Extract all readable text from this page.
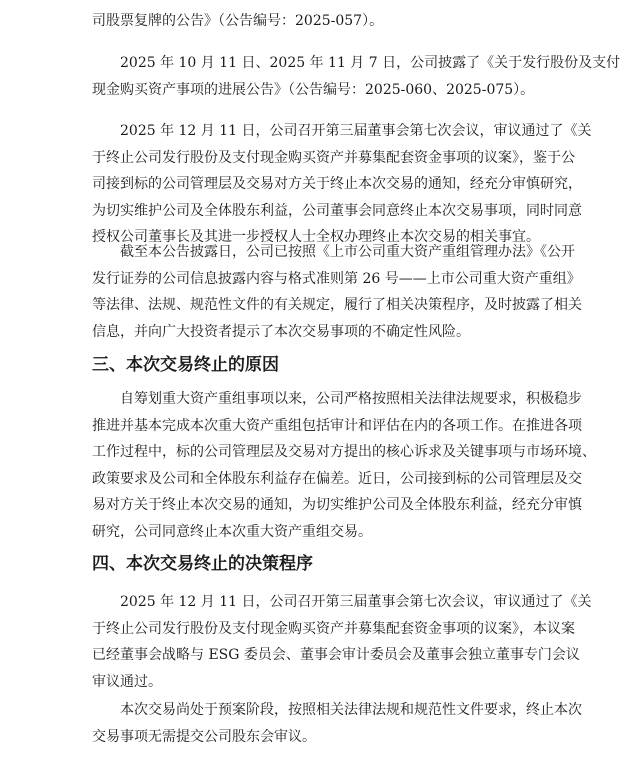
司股票复牌的公告》（公告编号：2025-057）。
2025 年 10 月 11 日、2025 年 11 月 7 日，公司披露了《关于发行股份及支付
现金购买资产事项的进展公告》（公告编号：2025-060、2025-075）。
2025 年 12 月 11 日，公司召开第三届董事会第七次会议，审议通过了《关
于终止公司发行股份及支付现金购买资产并募集配套资金事项的议案》，鉴于公
司接到标的公司管理层及交易对方关于终止本次交易的通知，经充分审慎研究，
为切实维护公司及全体股东利益，公司董事会同意终止本次交易事项，同时同意
授权公司董事长及其进一步授权人士全权办理终止本次交易的相关事宜。
截至本公告披露日，公司已按照《上市公司重大资产重组管理办法》《公开
发行证券的公司信息披露内容与格式准则第 26 号——上市公司重大资产重组》
等法律、法规、规范性文件的有关规定，履行了相关决策程序，及时披露了相关
信息，并向广大投资者提示了本次交易事项的不确定性风险。
三、本次交易终止的原因
自筹划重大资产重组事项以来，公司严格按照相关法律法规要求，积极稳步
推进并基本完成本次重大资产重组包括审计和评估在内的各项工作。在推进各项
工作过程中，标的公司管理层及交易对方提出的核心诉求及关键事项与市场环境、
政策要求及公司和全体股东利益存在偏差。近日，公司接到标的公司管理层及交
易对方关于终止本次交易的通知，为切实维护公司及全体股东利益，经充分审慎
研究，公司同意终止本次重大资产重组交易。
四、本次交易终止的决策程序
2025 年 12 月 11 日，公司召开第三届董事会第七次会议，审议通过了《关
于终止公司发行股份及支付现金购买资产并募集配套资金事项的议案》，本议案
已经董事会战略与 ESG 委员会、董事会审计委员会及董事会独立董事专门会议
审议通过。
本次交易尚处于预案阶段，按照相关法律法规和规范性文件要求，终止本次
交易事项无需提交公司股东会审议。
